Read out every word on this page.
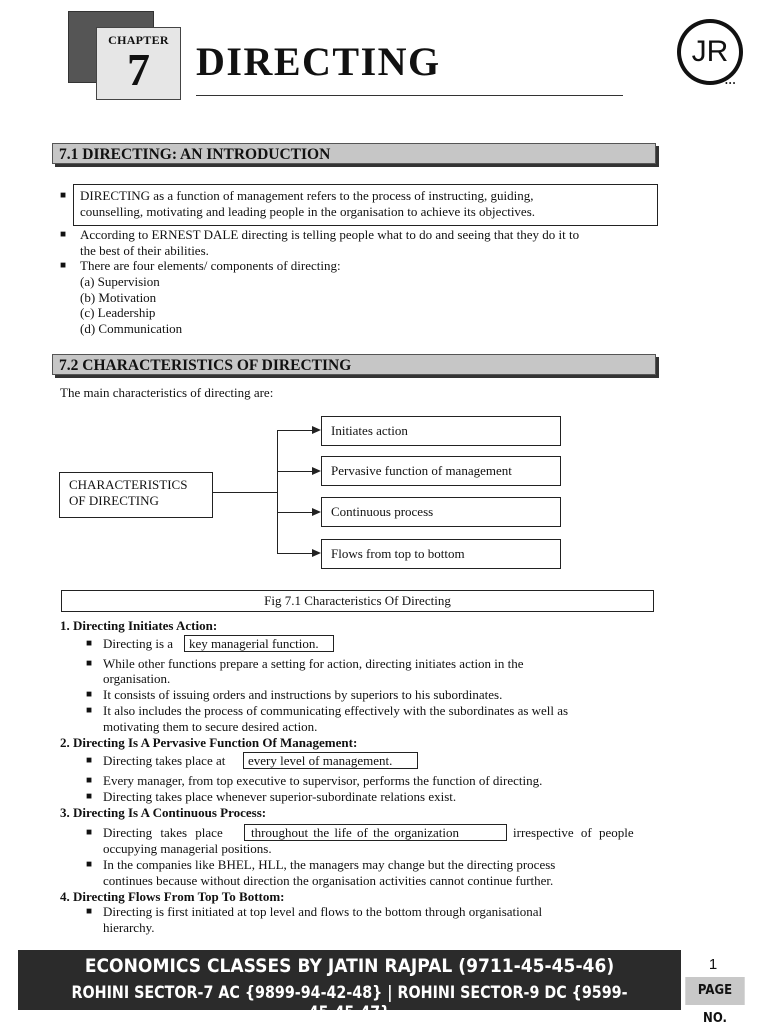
CHAPTER
7	DIRECTING	JR
•••
7.1 DIRECTING: AN INTRODUCTION
■ DIRECTING as a function of management refers to the process of instructing, guiding,
counselling, motivating and leading people in the organisation to achieve its objectives.
■ According to ERNEST DALE directing is telling people what to do and seeing that they do it to
the best of their abilities.
■ There are four elements/ components of directing:
(a) Supervision
(b) Motivation
(c) Leadership
(d) Communication
7.2 CHARACTERISTICS OF DIRECTING
The main characteristics of directing are:
CHARACTERISTICS
OF DIRECTING
Initiates action
Pervasive function of management
Continuous process
Flows from top to bottom
Fig 7.1 Characteristics Of Directing
1. Directing Initiates Action:
■ Directing is a	key managerial function.
■ While other functions prepare a setting for action, directing initiates action in the
organisation.
■ It consists of issuing orders and instructions by superiors to his subordinates.
■ It also includes the process of communicating effectively with the subordinates as well as
motivating them to secure desired action.
2. Directing Is A Pervasive Function Of Management:
■ Directing takes place at	every level of management.
■ Every manager, from top executive to supervisor, performs the function of directing.
■ Directing takes place whenever superior-subordinate relations exist.
3. Directing Is A Continuous Process:
■ Directing takes place	throughout the life of the organization	irrespective of people
occupying managerial positions.
■ In the companies like BHEL, HLL, the managers may change but the directing process
continues because without direction the organisation activities cannot continue further.
4. Directing Flows From Top To Bottom:
■ Directing is first initiated at top level and flows to the bottom through organisational
hierarchy.
ECONOMICS CLASSES BY JATIN RAJPAL (9711-45-45-46)
ROHINI SECTOR-7 AC {9899-94-42-48} | ROHINI SECTOR-9 DC {9599-45-45-47}
1
PAGE NO.
